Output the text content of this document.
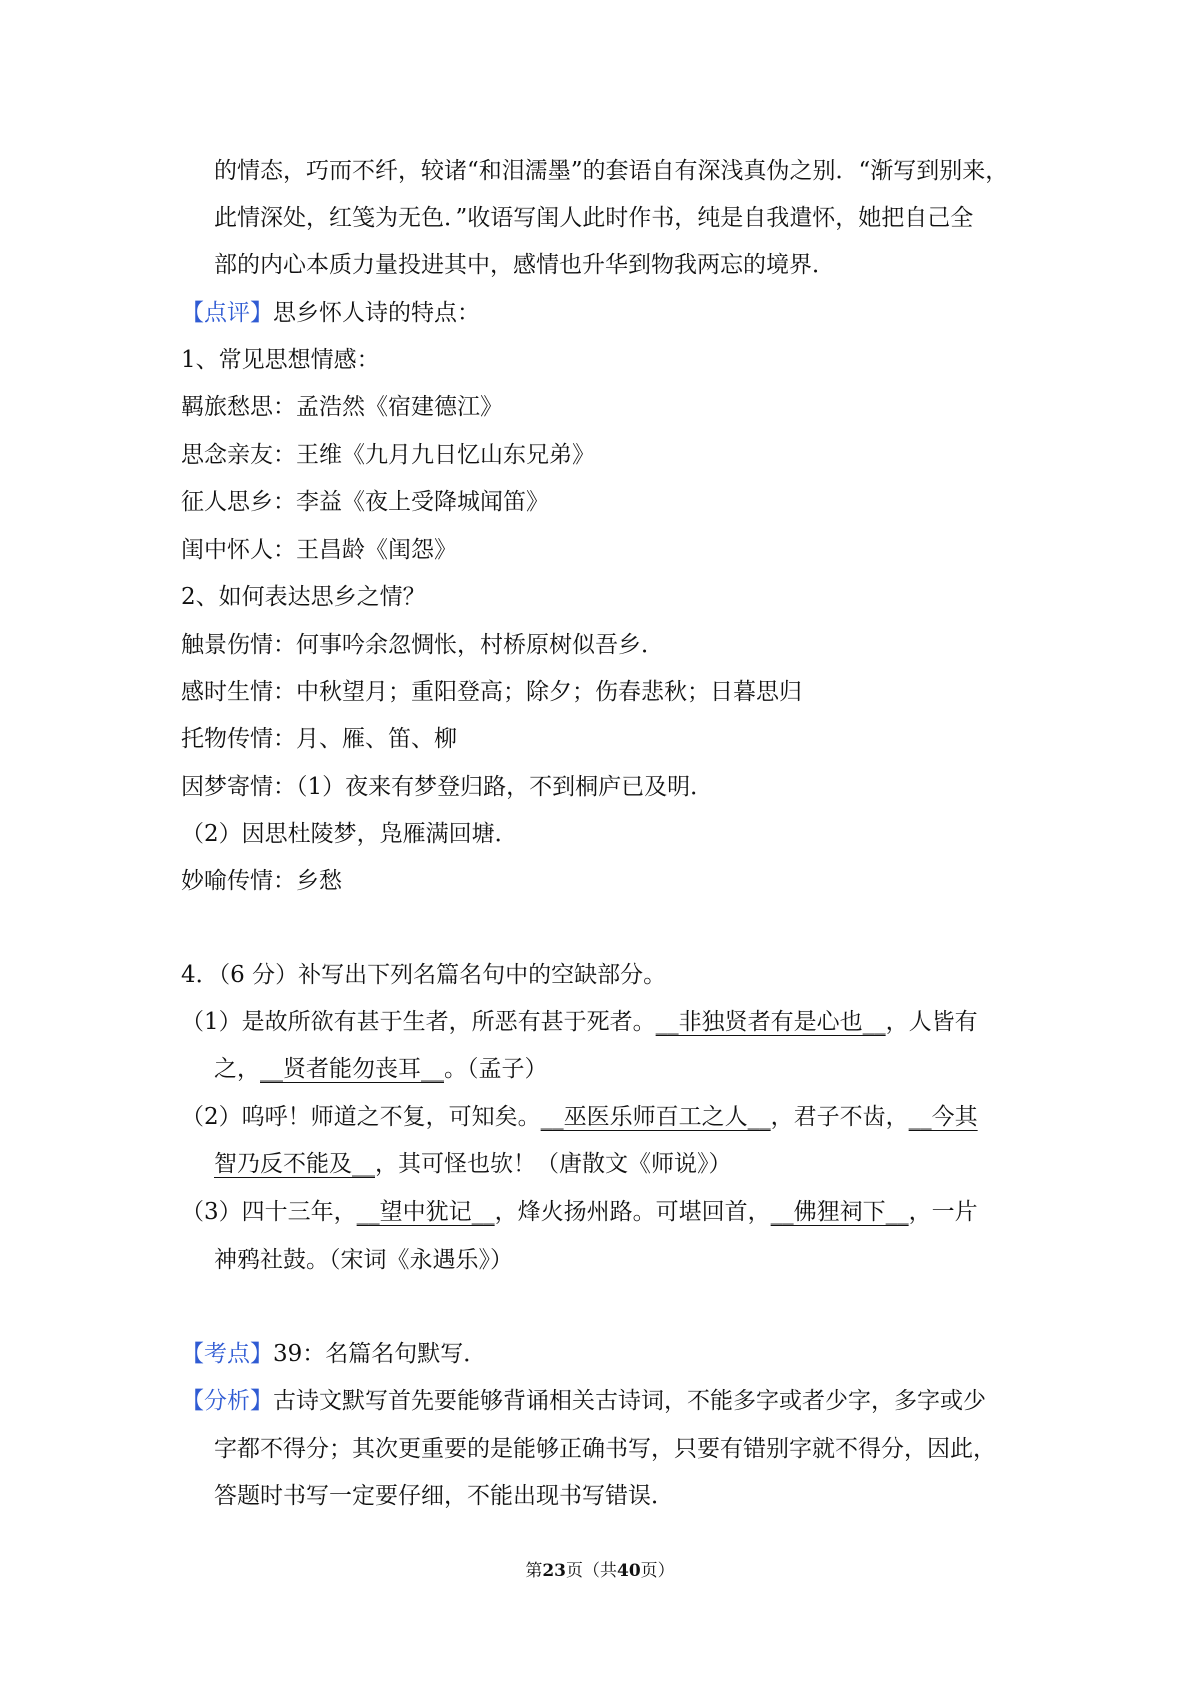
的情态，巧而不纤，较诸“和泪濡墨”的套语自有深浅真伪之别．“渐写到别来，
此情深处，红笺为无色．”收语写闺人此时作书，纯是自我遣怀，她把自己全
部的内心本质力量投进其中，感情也升华到物我两忘的境界．
【点评】思乡怀人诗的特点：
1、常见思想情感：
羁旅愁思：孟浩然《宿建德江》
思念亲友：王维《九月九日忆山东兄弟》
征人思乡：李益《夜上受降城闻笛》
闺中怀人：王昌龄《闺怨》
2、如何表达思乡之情？
触景伤情：何事吟余忽惆怅，村桥原树似吾乡．
感时生情：中秋望月；重阳登高；除夕；伤春悲秋；日暮思归
托物传情：月、雁、笛、柳
因梦寄情：（1）夜来有梦登归路，不到桐庐已及明．
（2）因思杜陵梦，凫雁满回塘．
妙喻传情：乡愁
4．（6 分）补写出下列名篇名句中的空缺部分。
（1）是故所欲有甚于生者，所恶有甚于死者。__非独贤者有是心也__，人皆有
之，__贤者能勿丧耳__。（孟子）
（2）呜呼！师道之不复，可知矣。__巫医乐师百工之人__，君子不齿，__今其
智乃反不能及__，其可怪也欤！（唐散文《师说》）
（3）四十三年，__望中犹记__，烽火扬州路。可堪回首，__佛狸祠下__，一片
神鸦社鼓。（宋词《永遇乐》）
【考点】39：名篇名句默写．
【分析】古诗文默写首先要能够背诵相关古诗词，不能多字或者少字，多字或少
字都不得分；其次更重要的是能够正确书写，只要有错别字就不得分，因此，
答题时书写一定要仔细，不能出现书写错误．
第23页（共40页）
